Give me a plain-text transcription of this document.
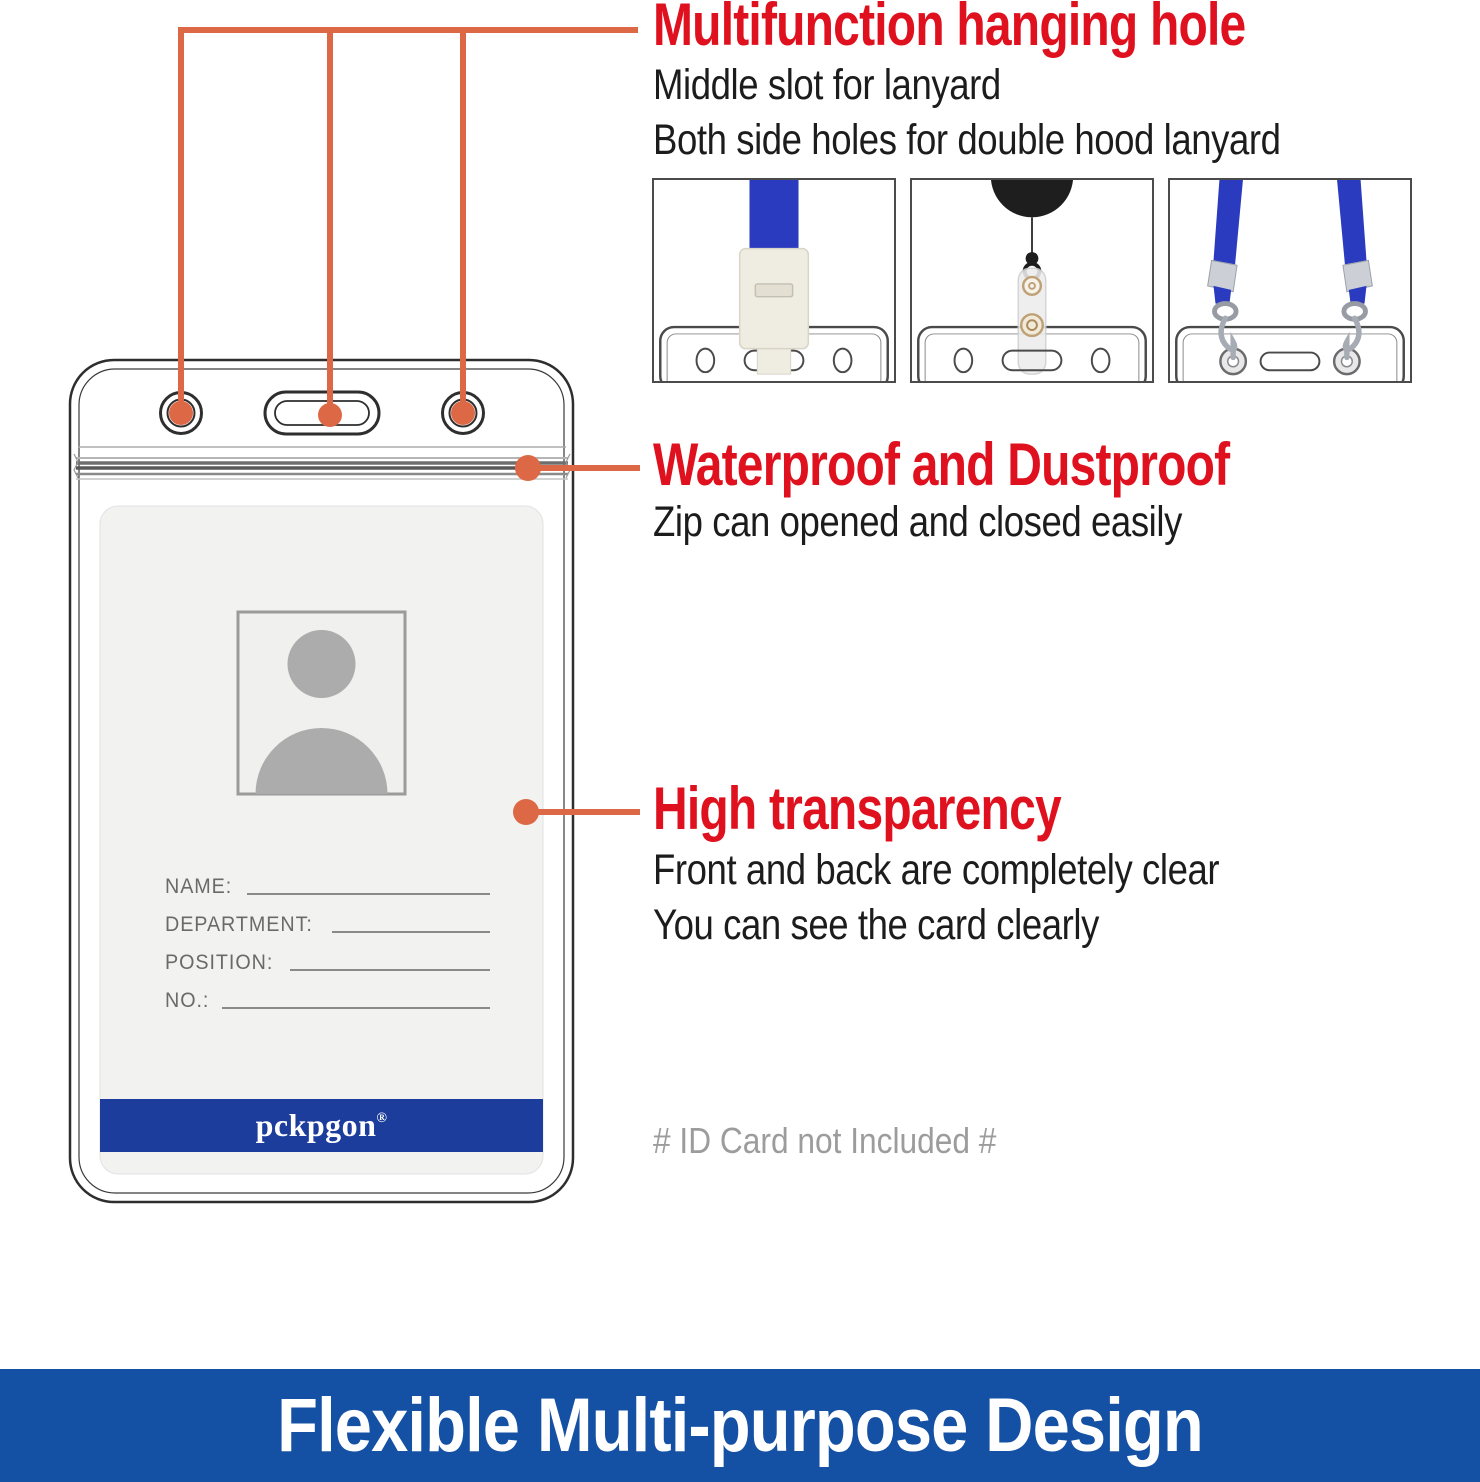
NAME:
DEPARTMENT:
POSITION:
NO.:
pckpgon®
Multifunction hanging hole
Middle slot for lanyard
Both side holes for double hood lanyard
Waterproof and Dustproof
Zip can opened and closed easily
High transparency
Front and back are completely clear
You can see the card clearly
# ID Card not Included #
Flexible Multi-purpose Design
